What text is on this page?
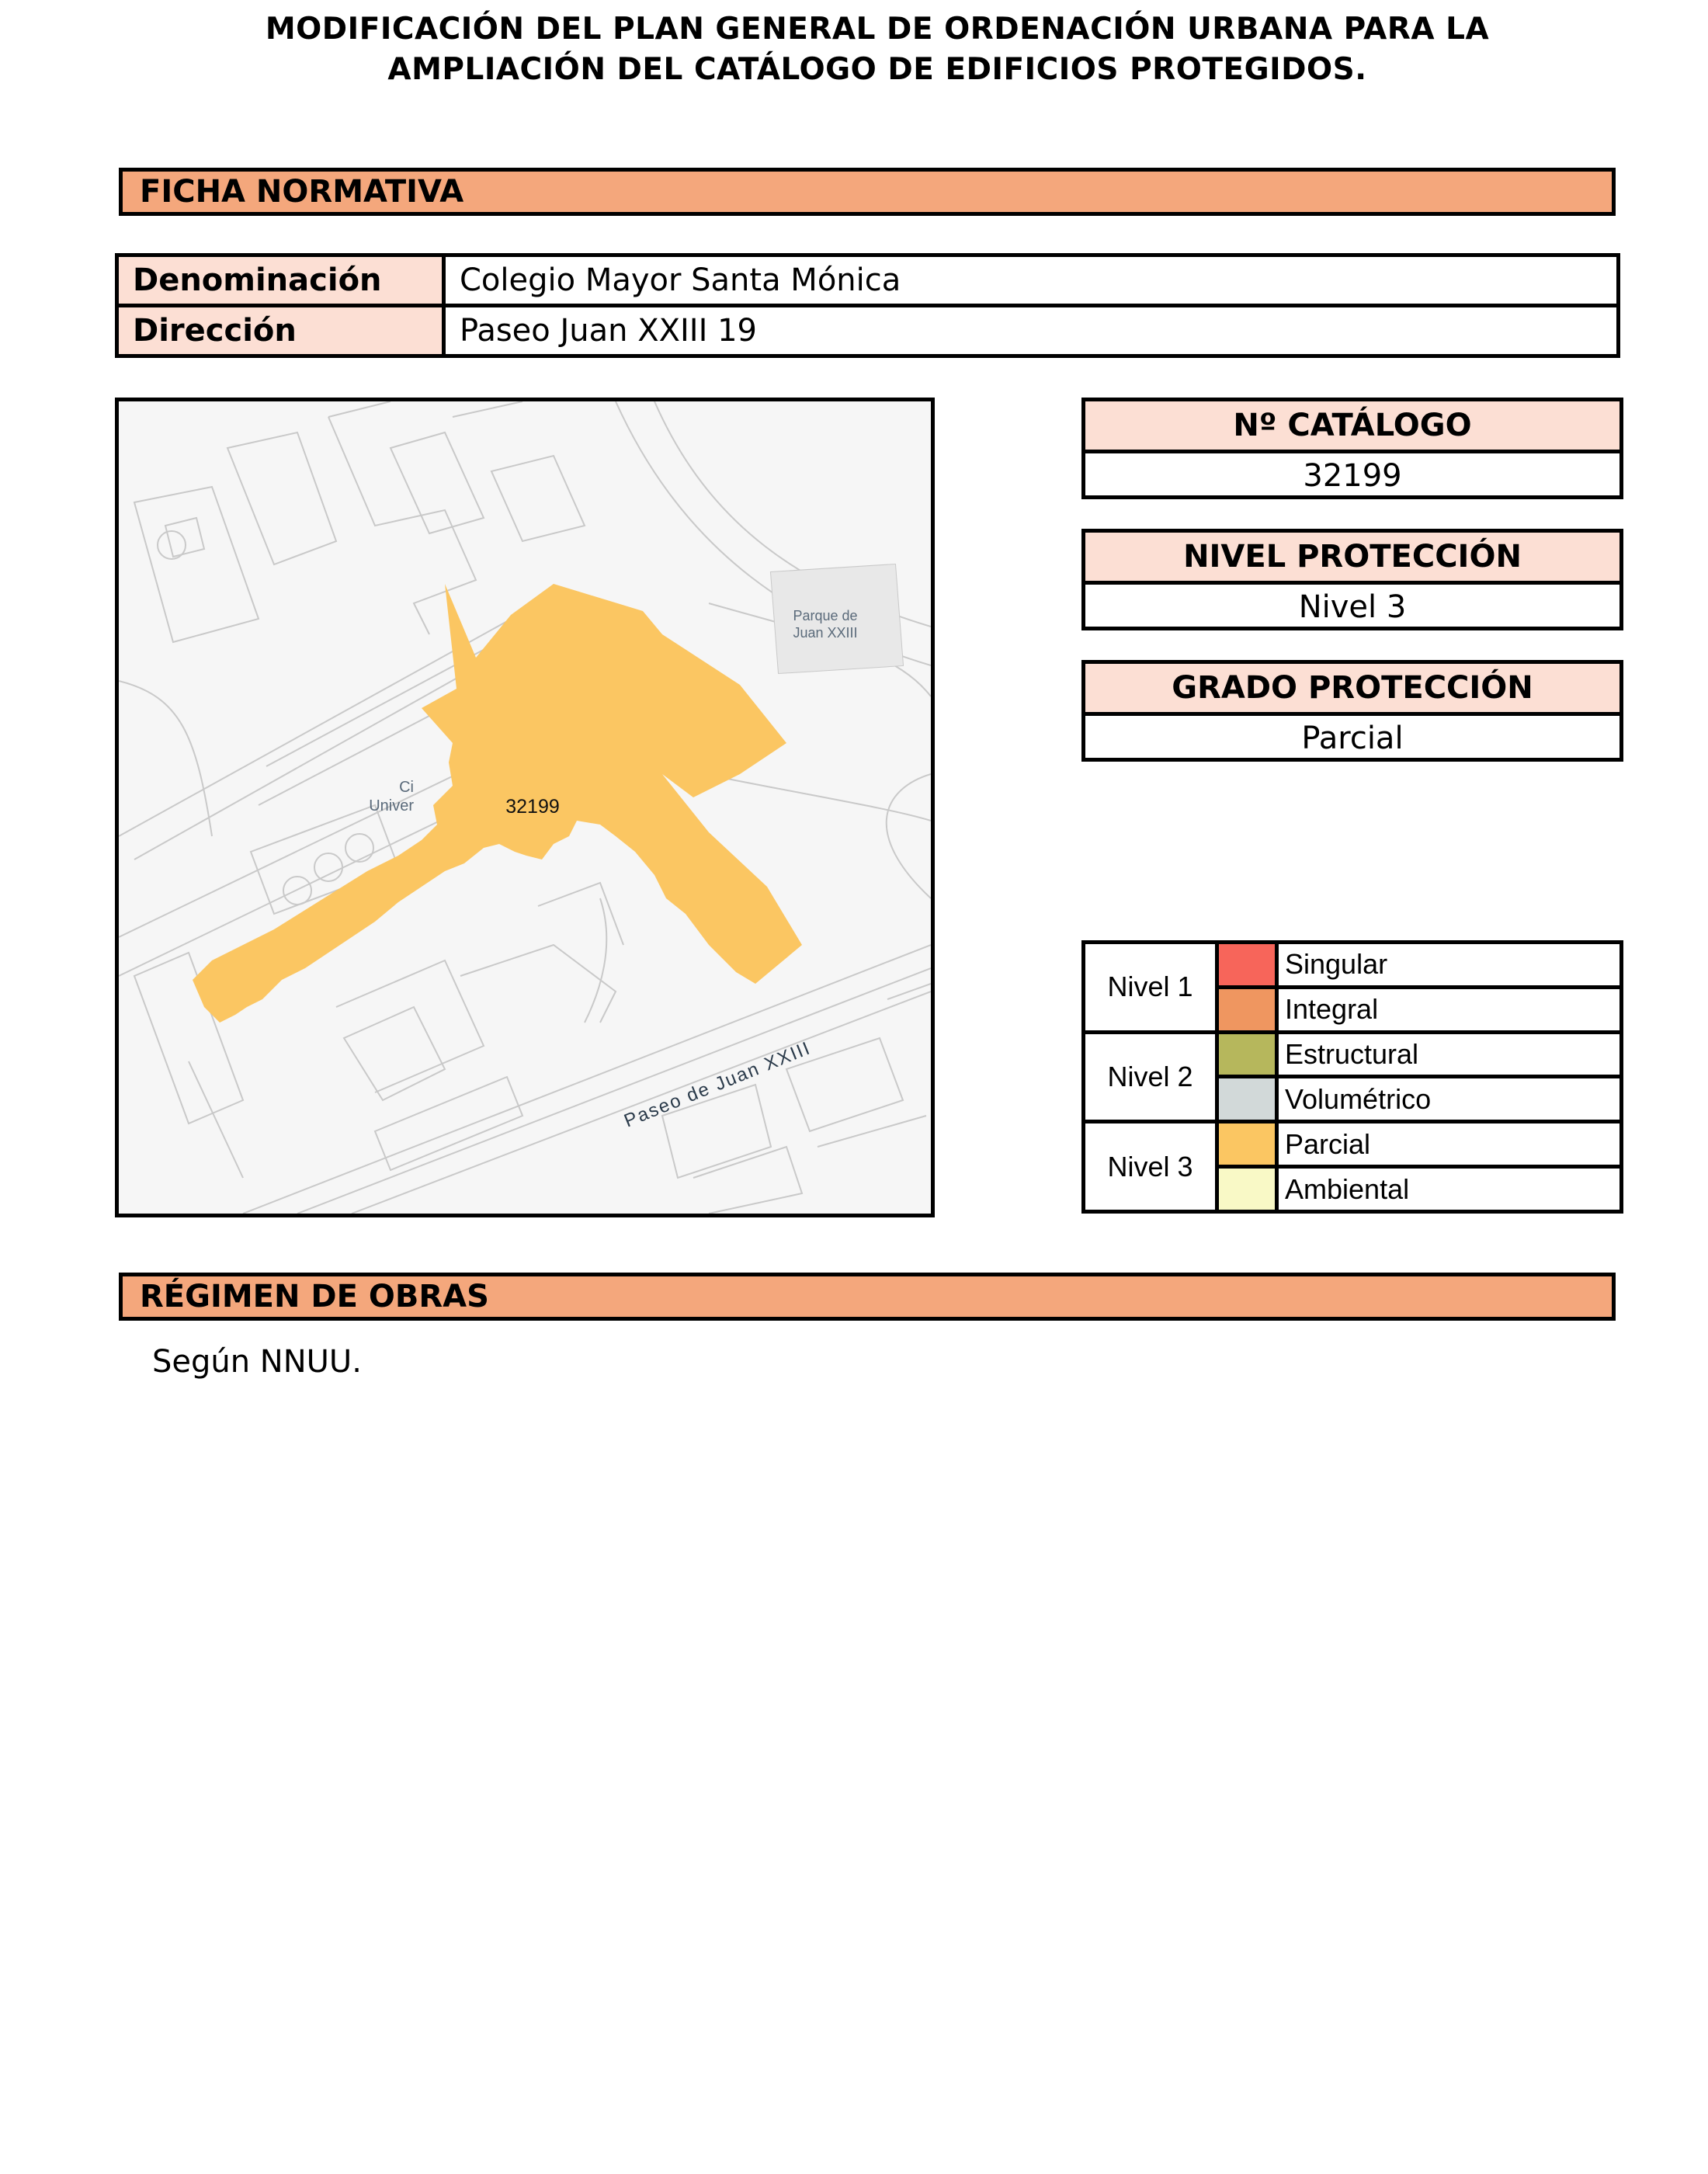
MODIFICACIÓN DEL PLAN GENERAL DE ORDENACIÓN URBANA PARA LA
AMPLIACIÓN DEL CATÁLOGO DE EDIFICIOS PROTEGIDOS.
FICHA NORMATIVA
Denominación	Colegio Mayor Santa Mónica
Dirección	Paseo Juan XXIII 19
32199
Ci
Univer
Parque de
Juan XXIII
Paseo de Juan XXIII
Nº CATÁLOGO
32199
NIVEL PROTECCIÓN
Nivel 3
GRADO PROTECCIÓN
Parcial
Nivel 1		Singular
		Integral
Nivel 2		Estructural
		Volumétrico
Nivel 3		Parcial
		Ambiental
RÉGIMEN DE OBRAS
Según NNUU.
